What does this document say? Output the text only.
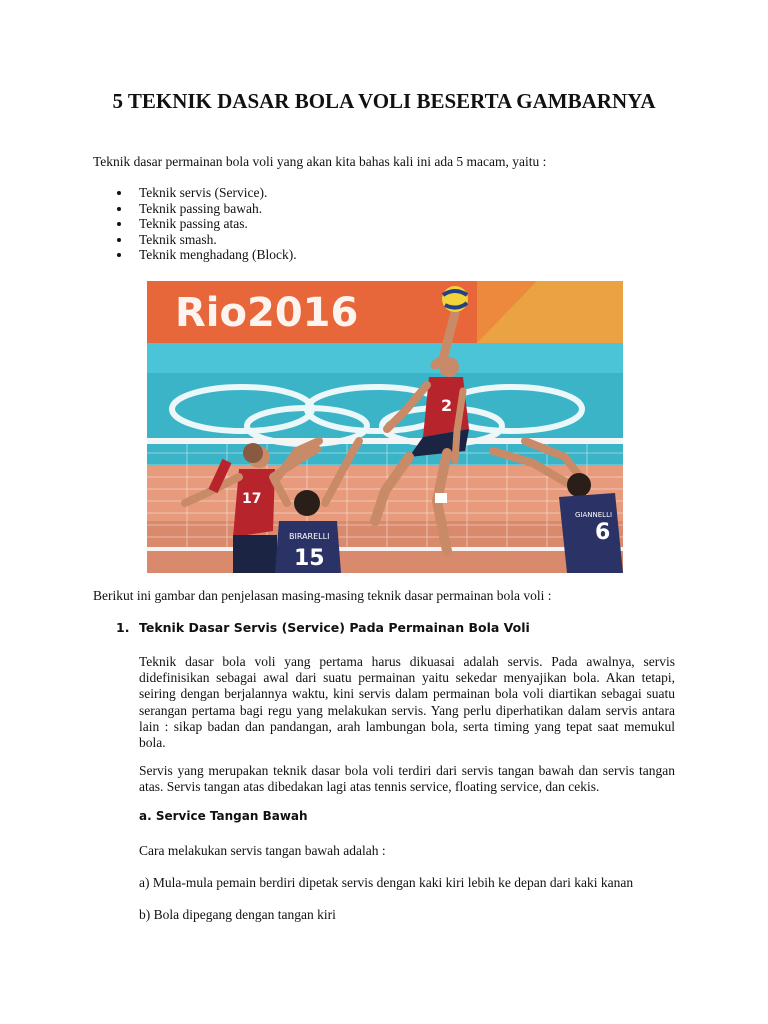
5 TEKNIK DASAR BOLA VOLI BESERTA GAMBARNYA

Teknik dasar permainan bola voli yang akan kita bahas kali ini ada 5 macam, yaitu :

Teknik servis (Service).
Teknik passing bawah.
Teknik passing atas.
Teknik smash.
Teknik menghadang (Block).
Rio2016
2
17
BIRARELLI
15
GIANNELLI
6

Berikut ini gambar dan penjelasan masing-masing teknik dasar permainan bola voli :

1. Teknik Dasar Servis (Service) Pada Permainan Bola Voli

Teknik dasar bola voli yang pertama harus dikuasai adalah servis. Pada awalnya, servis didefinisikan sebagai awal dari suatu permainan yaitu sekedar menyajikan bola. Akan tetapi, seiring dengan berjalannya waktu, kini servis dalam permainan bola voli diartikan sebagai suatu serangan pertama bagi regu yang melakukan servis. Yang perlu diperhatikan dalam servis antara lain : sikap badan dan pandangan, arah lambungan bola, serta timing yang tepat saat memukul bola.

Servis yang merupakan teknik dasar bola voli terdiri dari servis tangan bawah dan servis tangan atas. Servis tangan atas dibedakan lagi atas tennis service, floating service, dan cekis.

a. Service Tangan Bawah

Cara melakukan servis tangan bawah adalah :

a) Mula-mula pemain berdiri dipetak servis dengan kaki kiri lebih ke depan dari kaki kanan

b) Bola dipegang dengan tangan kiri
